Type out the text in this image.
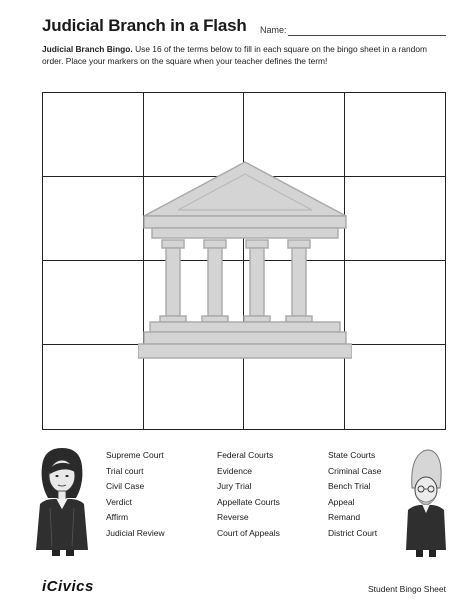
Judicial Branch in a Flash Name:
Judicial Branch Bingo. Use 16 of the terms below to fill in each square on the bingo sheet in a random order. Place your markers on the square when your teacher defines the term!
Supreme Court	Federal Courts	State Courts
Trial court	Evidence	Criminal Case
Civil Case	Jury Trial	Bench Trial
Verdict	Appellate Courts	Appeal
Affirm	Reverse	Remand
Judicial Review	Court of Appeals	District Court
iCivics	Student Bingo Sheet
